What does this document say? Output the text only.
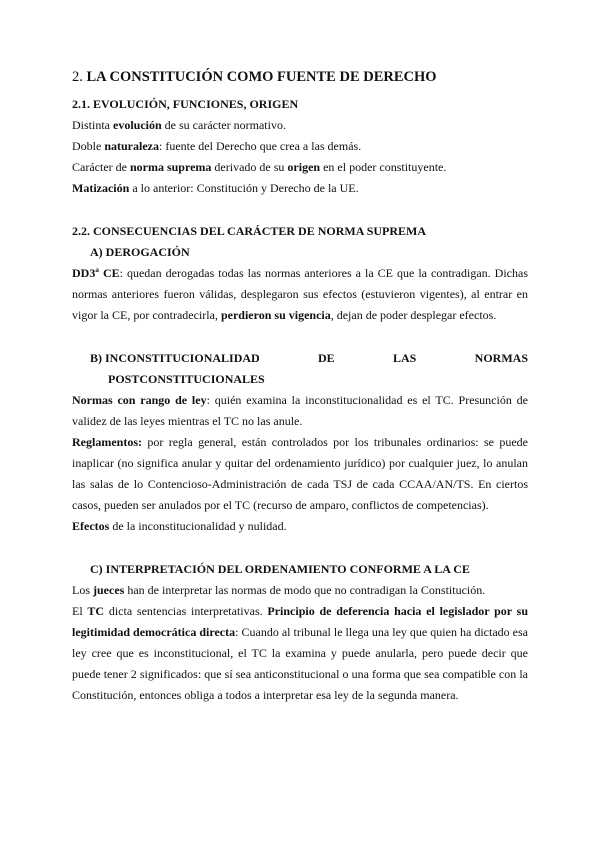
2. LA CONSTITUCIÓN COMO FUENTE DE DERECHO
2.1. EVOLUCIÓN, FUNCIONES, ORIGEN

Distinta evolución de su carácter normativo.

Doble naturaleza: fuente del Derecho que crea a las demás.

Carácter de norma suprema derivado de su origen en el poder constituyente.

Matización a lo anterior: Constitución y Derecho de la UE.

2.2. CONSECUENCIAS DEL CARÁCTER DE NORMA SUPREMA
A) DEROGACIÓN

DD3ª CE: quedan derogadas todas las normas anteriores a la CE que la contradigan. Dichas normas anteriores fueron válidas, desplegaron sus efectos (estuvieron vigentes), al entrar en vigor la CE, por contradecirla, perdieron su vigencia, dejan de poder desplegar efectos.

B) INCONSTITUCIONALIDAD	DE	LAS	NORMAS
POSTCONSTITUCIONALES

Normas con rango de ley: quién examina la inconstitucionalidad es el TC. Presunción de validez de las leyes mientras el TC no las anule.

Reglamentos: por regla general, están controlados por los tribunales ordinarios: se puede inaplicar (no significa anular y quitar del ordenamiento jurídico) por cualquier juez, lo anulan las salas de lo Contencioso-Administración de cada TSJ de cada CCAA/AN/TS. En ciertos casos, pueden ser anulados por el TC (recurso de amparo, conflictos de competencias).

Efectos de la inconstitucionalidad y nulidad.

C) INTERPRETACIÓN DEL ORDENAMIENTO CONFORME A LA CE

Los jueces han de interpretar las normas de modo que no contradigan la Constitución.

El TC dicta sentencias interpretativas. Principio de deferencia hacia el legislador por su legitimidad democrática directa: Cuando al tribunal le llega una ley que quien ha dictado esa ley cree que es inconstitucional, el TC la examina y puede anularla, pero puede decir que puede tener 2 significados: que sí sea anticonstitucional o una forma que sea compatible con la Constitución, entonces obliga a todos a interpretar esa ley de la segunda manera.
